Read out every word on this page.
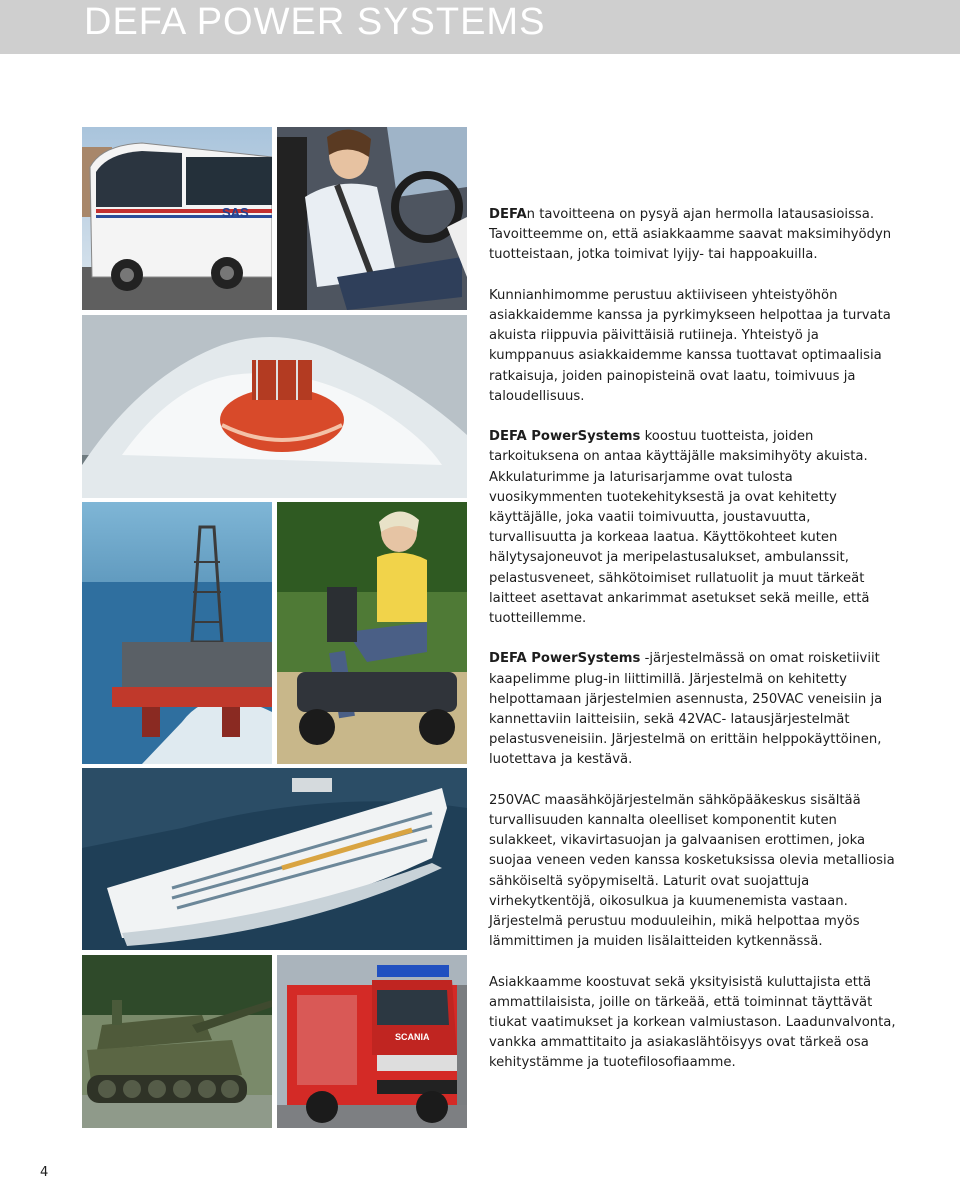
DEFA POWER SYSTEMS
SAS
SCANIA

DEFAn tavoitteena on pysyä ajan hermolla latausasioissa. Tavoitteemme on, että asiakkaamme saavat maksimihyödyn tuotteistaan, jotka toimivat lyijy- tai happoakuilla.

Kunnianhimomme perustuu aktiiviseen yhteistyöhön asiakkaidemme kanssa ja pyrkimykseen helpottaa ja turvata akuista riippuvia päivittäisiä rutiineja. Yhteistyö ja kumppanuus asiakkaidemme kanssa tuottavat optimaalisia ratkaisuja, joiden painopisteinä ovat laatu, toimivuus ja taloudellisuus.

DEFA PowerSystems koostuu tuotteista, joiden tarkoituksena on antaa käyttäjälle maksimihyöty akuista. Akkulaturimme ja laturisarjamme ovat tulosta vuosikymmenten tuotekehityksestä ja ovat kehitetty käyttäjälle, joka vaatii toimivuutta, joustavuutta, turvallisuutta ja korkeaa laatua. Käyttökohteet kuten hälytysajoneuvot ja meripelastusalukset, ambulanssit, pelastusveneet, sähkötoimiset rullatuolit ja muut tärkeät laitteet asettavat ankarimmat asetukset sekä meille, että tuotteillemme.

DEFA PowerSystems -järjestelmässä on omat roisketiiviit kaapelimme plug-in liittimillä. Järjestelmä on kehitetty helpottamaan järjestelmien asennusta, 250VAC veneisiin ja kannettaviin laitteisiin, sekä 42VAC- latausjärjestelmät pelastusveneisiin. Järjestelmä on erittäin helppokäyttöinen, luotettava ja kestävä.

250VAC maasähköjärjestelmän sähköpääkeskus sisältää turvallisuuden kannalta oleelliset komponentit kuten sulakkeet, vikavirtasuojan ja galvaanisen erottimen, joka suojaa veneen veden kanssa kosketuksissa olevia metalliosia sähköiseltä syöpymiseltä. Laturit ovat suojattuja virhekytkentöjä, oikosulkua ja kuumenemista vastaan. Järjestelmä perustuu moduuleihin, mikä helpottaa myös lämmittimen ja muiden lisälaitteiden kytkennässä.

Asiakkaamme koostuvat sekä yksityisistä kuluttajista että ammattilaisista, joille on tärkeää, että toiminnat täyttävät tiukat vaatimukset ja korkean valmiustason. Laadunvalvonta, vankka ammattitaito ja asiakaslähtöisyys ovat tärkeä osa kehitystämme ja tuotefilosofiaamme.

4
